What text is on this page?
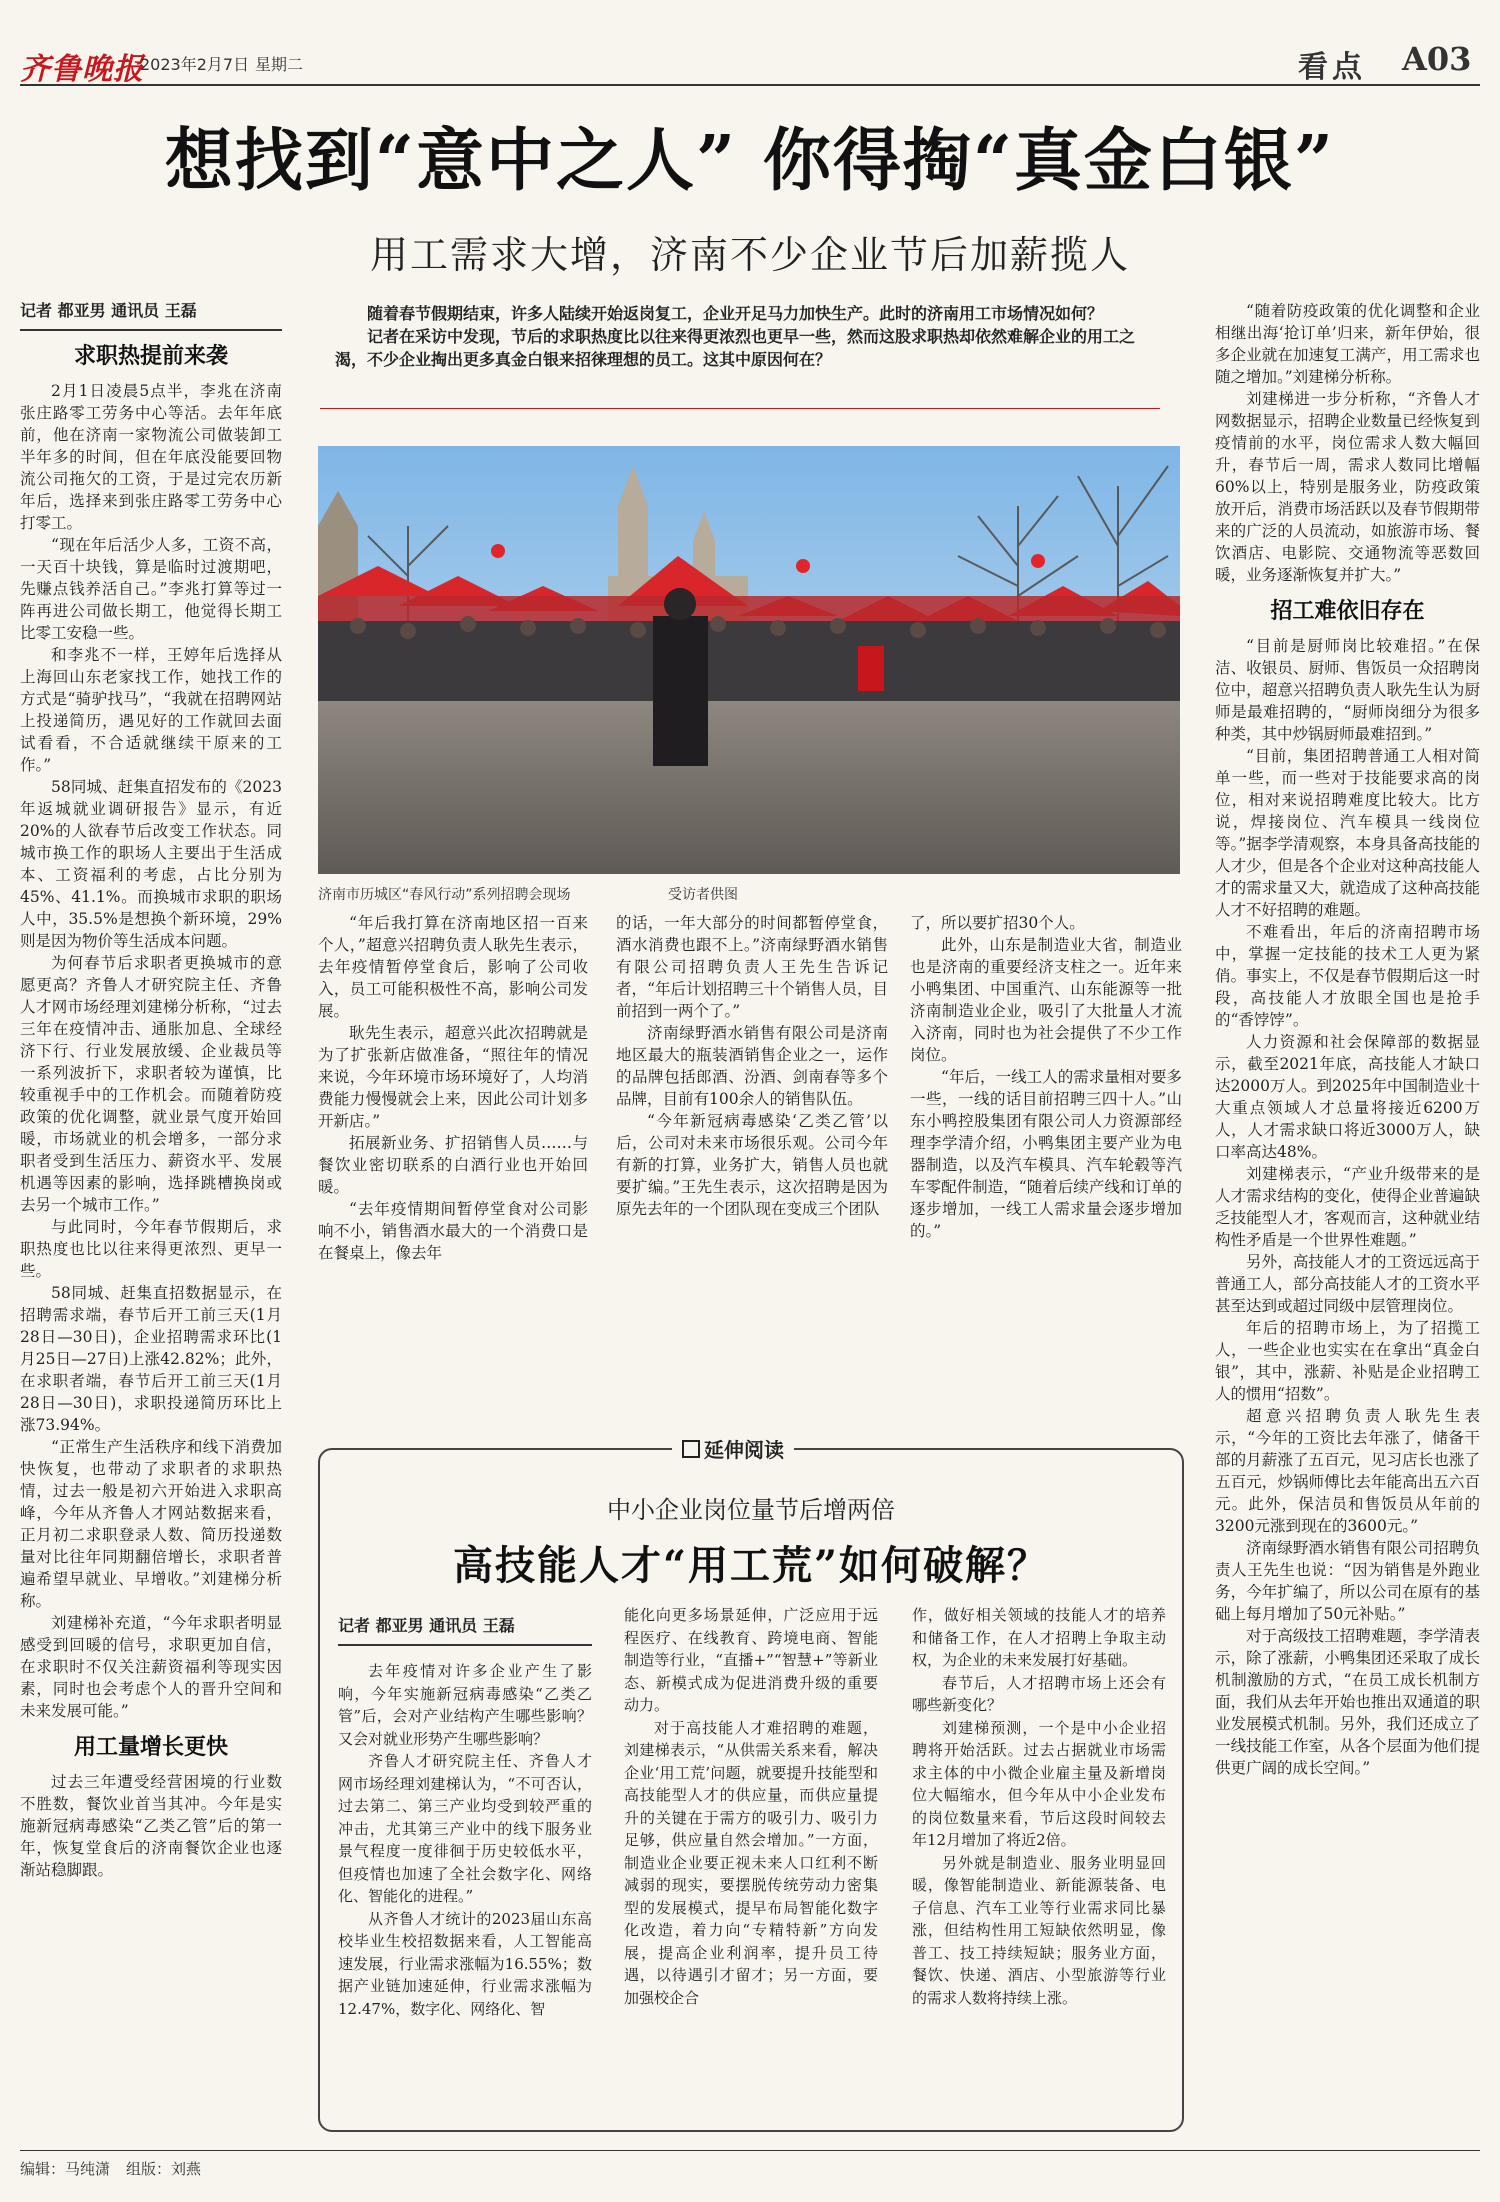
齐鲁晚报
2023年2月7日 星期二	看点 A03
想找到“意中之人” 你得掏“真金白银”
用工需求大增，济南不少企业节后加薪揽人
记者 都亚男 通讯员 王磊
求职热提前来袭

2月1日凌晨5点半，李兆在济南张庄路零工劳务中心等活。去年年底前，他在济南一家物流公司做装卸工半年多的时间，但在年底没能要回物流公司拖欠的工资，于是过完农历新年后，选择来到张庄路零工劳务中心打零工。

“现在年后活少人多，工资不高，一天百十块钱，算是临时过渡期吧，先赚点钱养活自己。”李兆打算等过一阵再进公司做长期工，他觉得长期工比零工安稳一些。

和李兆不一样，王婷年后选择从上海回山东老家找工作，她找工作的方式是“骑驴找马”，“我就在招聘网站上投递简历，遇见好的工作就回去面试看看，不合适就继续干原来的工作。”

58同城、赶集直招发布的《2023年返城就业调研报告》显示，有近20%的人欲春节后改变工作状态。同城市换工作的职场人主要出于生活成本、工资福利的考虑，占比分别为45%、41.1%。而换城市求职的职场人中，35.5%是想换个新环境，29%则是因为物价等生活成本问题。

为何春节后求职者更换城市的意愿更高？齐鲁人才研究院主任、齐鲁人才网市场经理刘建梯分析称，“过去三年在疫情冲击、通胀加息、全球经济下行、行业发展放缓、企业裁员等一系列波折下，求职者较为谨慎，比较重视手中的工作机会。而随着防疫政策的优化调整，就业景气度开始回暖，市场就业的机会增多，一部分求职者受到生活压力、薪资水平、发展机遇等因素的影响，选择跳槽换岗或去另一个城市工作。”

与此同时，今年春节假期后，求职热度也比以往来得更浓烈、更早一些。

58同城、赶集直招数据显示，在招聘需求端，春节后开工前三天(1月28日—30日)，企业招聘需求环比(1月25日—27日)上涨42.82%；此外，在求职者端，春节后开工前三天(1月28日—30日)，求职投递简历环比上涨73.94%。

“正常生产生活秩序和线下消费加快恢复，也带动了求职者的求职热情，过去一般是初六开始进入求职高峰，今年从齐鲁人才网站数据来看，正月初二求职登录人数、简历投递数量对比往年同期翻倍增长，求职者普遍希望早就业、早增收。”刘建梯分析称。

刘建梯补充道，“今年求职者明显感受到回暖的信号，求职更加自信，在求职时不仅关注薪资福利等现实因素，同时也会考虑个人的晋升空间和未来发展可能。”

用工量增长更快

过去三年遭受经营困境的行业数不胜数，餐饮业首当其冲。今年是实施新冠病毒感染“乙类乙管”后的第一年，恢复堂食后的济南餐饮企业也逐渐站稳脚跟。

随着春节假期结束，许多人陆续开始返岗复工，企业开足马力加快生产。此时的济南用工市场情况如何？

记者在采访中发现，节后的求职热度比以往来得更浓烈也更早一些，然而这股求职热却依然难解企业的用工之渴，不少企业掏出更多真金白银来招徕理想的员工。这其中原因何在？

济南市历城区“春风行动”系列招聘会现场	受访者供图

“年后我打算在济南地区招一百来个人，”超意兴招聘负责人耿先生表示，去年疫情暂停堂食后，影响了公司收入，员工可能积极性不高，影响公司发展。

耿先生表示，超意兴此次招聘就是为了扩张新店做准备，“照往年的情况来说，今年环境市场环境好了，人均消费能力慢慢就会上来，因此公司计划多开新店。”

拓展新业务、扩招销售人员……与餐饮业密切联系的白酒行业也开始回暖。

“去年疫情期间暂停堂食对公司影响不小，销售酒水最大的一个消费口是在餐桌上，像去年

的话，一年大部分的时间都暂停堂食，酒水消费也跟不上。”济南绿野酒水销售有限公司招聘负责人王先生告诉记者，“年后计划招聘三十个销售人员，目前招到一两个了。”

济南绿野酒水销售有限公司是济南地区最大的瓶装酒销售企业之一，运作的品牌包括郎酒、汾酒、剑南春等多个品牌，目前有100余人的销售队伍。

“今年新冠病毒感染‘乙类乙管’以后，公司对未来市场很乐观。公司今年有新的打算，业务扩大，销售人员也就要扩编。”王先生表示，这次招聘是因为原先去年的一个团队现在变成三个团队

了，所以要扩招30个人。

此外，山东是制造业大省，制造业也是济南的重要经济支柱之一。近年来小鸭集团、中国重汽、山东能源等一批济南制造业企业，吸引了大批量人才流入济南，同时也为社会提供了不少工作岗位。

“年后，一线工人的需求量相对要多一些，一线的话目前招聘三四十人。”山东小鸭控股集团有限公司人力资源部经理李学清介绍，小鸭集团主要产业为电器制造，以及汽车模具、汽车轮毂等汽车零配件制造，“随着后续产线和订单的逐步增加，一线工人需求量会逐步增加的。”

“随着防疫政策的优化调整和企业相继出海‘抢订单’归来，新年伊始，很多企业就在加速复工满产，用工需求也随之增加。”刘建梯分析称。

刘建梯进一步分析称，“齐鲁人才网数据显示，招聘企业数量已经恢复到疫情前的水平，岗位需求人数大幅回升，春节后一周，需求人数同比增幅60%以上，特别是服务业，防疫政策放开后，消费市场活跃以及春节假期带来的广泛的人员流动，如旅游市场、餐饮酒店、电影院、交通物流等恶数回暖，业务逐渐恢复并扩大。”

招工难依旧存在

“目前是厨师岗比较难招。”在保洁、收银员、厨师、售饭员一众招聘岗位中，超意兴招聘负责人耿先生认为厨师是最难招聘的，“厨师岗细分为很多种类，其中炒锅厨师最难招到。”

“目前，集团招聘普通工人相对简单一些，而一些对于技能要求高的岗位，相对来说招聘难度比较大。比方说，焊接岗位、汽车模具一线岗位等。”据李学清观察，本身具备高技能的人才少，但是各个企业对这种高技能人才的需求量又大，就造成了这种高技能人才不好招聘的难题。

不难看出，年后的济南招聘市场中，掌握一定技能的技术工人更为紧俏。事实上，不仅是春节假期后这一时段，高技能人才放眼全国也是抢手的“香饽饽”。

人力资源和社会保障部的数据显示，截至2021年底，高技能人才缺口达2000万人。到2025年中国制造业十大重点领域人才总量将接近6200万人，人才需求缺口将近3000万人，缺口率高达48%。

刘建梯表示，“产业升级带来的是人才需求结构的变化，使得企业普遍缺乏技能型人才，客观而言，这种就业结构性矛盾是一个世界性难题。”

另外，高技能人才的工资远远高于普通工人，部分高技能人才的工资水平甚至达到或超过同级中层管理岗位。

年后的招聘市场上，为了招揽工人，一些企业也实实在在拿出“真金白银”，其中，涨薪、补贴是企业招聘工人的惯用“招数”。

超意兴招聘负责人耿先生表示，“今年的工资比去年涨了，储备干部的月薪涨了五百元，见习店长也涨了五百元，炒锅师傅比去年能高出五六百元。此外，保洁员和售饭员从年前的3200元涨到现在的3600元。”

济南绿野酒水销售有限公司招聘负责人王先生也说：“因为销售是外跑业务，今年扩编了，所以公司在原有的基础上每月增加了50元补贴。”

对于高级技工招聘难题，李学清表示，除了涨薪，小鸭集团还采取了成长机制激励的方式，“在员工成长机制方面，我们从去年开始也推出双通道的职业发展模式机制。另外，我们还成立了一线技能工作室，从各个层面为他们提供更广阔的成长空间。”

延伸阅读
中小企业岗位量节后增两倍
高技能人才“用工荒”如何破解？
记者 都亚男 通讯员 王磊

去年疫情对许多企业产生了影响，今年实施新冠病毒感染“乙类乙管”后，会对产业结构产生哪些影响？又会对就业形势产生哪些影响？

齐鲁人才研究院主任、齐鲁人才网市场经理刘建梯认为，“不可否认，过去第二、第三产业均受到较严重的冲击，尤其第三产业中的线下服务业景气程度一度徘徊于历史较低水平，但疫情也加速了全社会数字化、网络化、智能化的进程。”

从齐鲁人才统计的2023届山东高校毕业生校招数据来看，人工智能高速发展，行业需求涨幅为16.55%；数据产业链加速延伸，行业需求涨幅为12.47%，数字化、网络化、智

能化向更多场景延伸，广泛应用于远程医疗、在线教育、跨境电商、智能制造等行业，“直播+”“智慧+”等新业态、新模式成为促进消费升级的重要动力。

对于高技能人才难招聘的难题，刘建梯表示，“从供需关系来看，解决企业‘用工荒’问题，就要提升技能型和高技能型人才的供应量，而供应量提升的关键在于需方的吸引力、吸引力足够，供应量自然会增加。”一方面，制造业企业要正视未来人口红利不断减弱的现实，要摆脱传统劳动力密集型的发展模式，提早布局智能化数字化改造，着力向“专精特新”方向发展，提高企业利润率，提升员工待遇，以待遇引才留才；另一方面，要加强校企合

作，做好相关领域的技能人才的培养和储备工作，在人才招聘上争取主动权，为企业的未来发展打好基础。

春节后，人才招聘市场上还会有哪些新变化？

刘建梯预测，一个是中小企业招聘将开始活跃。过去占据就业市场需求主体的中小微企业雇主量及新增岗位大幅缩水，但今年从中小企业发布的岗位数量来看，节后这段时间较去年12月增加了将近2倍。

另外就是制造业、服务业明显回暖，像智能制造业、新能源装备、电子信息、汽车工业等行业需求同比暴涨，但结构性用工短缺依然明显，像普工、技工持续短缺；服务业方面，餐饮、快递、酒店、小型旅游等行业的需求人数将持续上涨。

编辑：马纯潇 组版：刘燕
